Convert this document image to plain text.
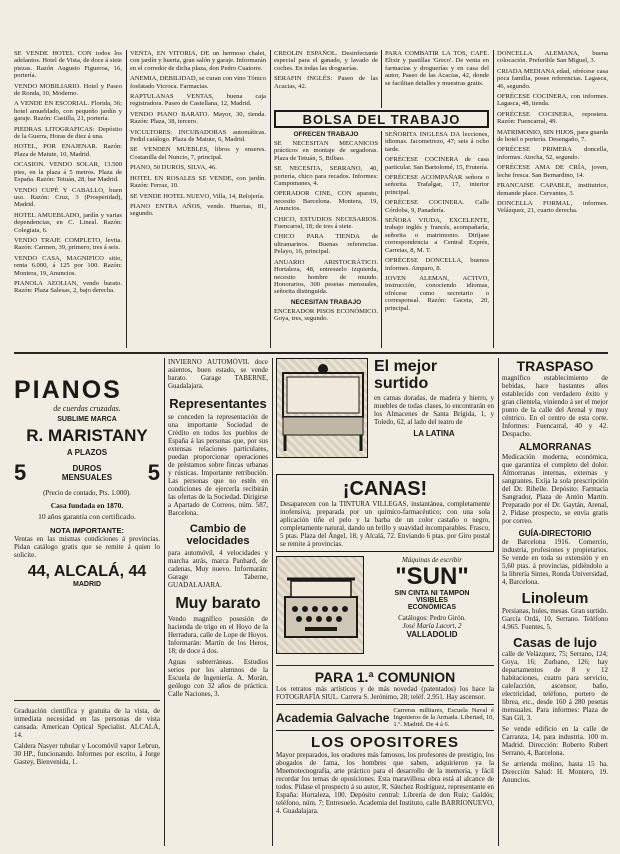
SE VENDE HOTEL CON todos los adelantos. Hotel de Vista, de doce á siete piezas. Razón Augusto Figueroa, 16, portería.
VENDO MOBILIARIO. Hotel y Paseo de Ronda, 10, Moderno.
A VENDE EN ESCORIAL. Florida, 36; hotel amueblado, con pequeño jardín y garaje. Razón: Castilla, 21, portería.
PIEDRAS LITOGRAFICAS: Depósito de la Guerra, Horas de diez á una.
HOTEL, POR ENAJENAR. Razón: Plaza de Matute, 10, Madrid.
OCASION. VENDO SOLAR, 13.500 pies, en la plaza á 5 metros. Plaza de España. Razón: Tetuán, 28, bar Madrid.
VENDO CUPÉ Y CABALLO, buen uso. Razón: Cruz, 3 (Prosperidad), Madrid.
HOTEL AMUEBLADO, jardín y varias dependencias, en C. Lineal. Razón: Colegiata, 6.
VENDO TRAJE COMPLETO, levita. Razón: Carmen, 39, primero; tres á seis.
VENDO CASA, MAGNIFICO sitio, renta 6.000, á 125 por 100. Razón: Montera, 19, Anuncios.
PIANOLA AEOLIAN, vendo barato. Razón: Plaza Salesas, 2, bajo derecha.
VENTA, EN VITORIA, DE un hermoso chalet, con jardín y huerta, gran salón y garaje. Informarán en el corredor de dicha plaza, don Pedro Cuatorre.
ANEMIA, DEBILIDAD, se curan con vino Tónico fosfatado Vicroca. Farmacias.
RAPTULANAS VENTAS, buena caja registradora. Paseo de Castellana, 12, Madrid.
VENDO PIANO BARATO. Mayor, 30, tienda. Razón: Plaza, 38, tercero.
VICULTORES: INCUBADORAS automáticas. Pedid catálogo. Plaza de Matute, 6, Madrid.
SE VENDEN MUEBLES, libros y enseres. Costanilla del Nuncio, 7, principal.
PIANO, 50 DUROS, SILVA, 46.
HOTEL EN ROSALES SE VENDE, con jardín. Razón: Ferraz, 10.
SE VENDE HOTEL NUEVO, Villa, 14, Relojería.
PIANO ENTRA AÑOS, vendo. Huertas, 81, segundo.
CREOLIN ESPAÑOL. Desinfectante especial para el ganado, y lavado de coches. En todas las droguerías.
SERAFIN INGLÉS: Paseo de las Acacias, 42.
PARA COMBATIR LA TOS, CAFÉ. Elixir y pastillas 'Greco'. De venta en farmacias y droguerías y en casa del autor, Paseo de las Acacias, 42, donde se facilitan detalles y muestras gratis.
BOLSA DEL TRABAJO
OFRECEN TRABAJO
SE NECESITAN MECANICOS prácticos en montaje de segadoras. Plaza de Tetuán, 5, Bilbao.
SE NECESITA, SERRANO, 40, portería, chico para recados. Informes: Campomanes, 4.
OPERADOR CINE, CON aparato, necesito Barcelona. Montera, 19, Anuncios.
CHICO, ESTUDIOS NECESARIOS. Fuencarral, 18; de tres á siete.
CHICO PARA TIENDA de ultramarinos. Buenas referencias. Pelayo, 16, principal.
ANUARIO ARISTOCRÁTICO. Hortaleza, 48, entresuelo izquierda, necesito hombre de mundo. Honorarios, 300 pesetas mensuales, señorita distinguida.
NECESITAN TRABAJO
ENCERADOR PISOS ECONÓMICO. Goya, tres, segundo.
SEÑORITA INGLESA DA lecciones, idiomas. Jacometrezo, 47; seis á ocho tarde.
OFRÉCESE COCINERA de casa particular. San Bartolomé, 15, Frutería.
OFRÉCESE ACOMPAÑAR señora o señorita. Trafalgar, 17, interior principal.
OFRÉCESE COCINERA. Calle Córdoba, 9, Panadería.
SEÑORA VIUDA, EXCELENTE, trabajo inglés y francés, acompañaría, señorita o matrimonio. Diríjase correspondencia a Central Exprés, Carretas, 8, M. T.
OFRÉCESE DONCELLA, buenos informes. Amparo, 8.
JOVEN ALEMAN, ACTIVO, instrucción, conociendo idiomas, ofrécese como secretario o corresponsal. Razón: Gaceta, 20, principal.
DONCELLA ALEMANA, buena colocación. Preferible San Miguel, 3.
CRIADA MEDIANA edad, ofrécese casa poca familia, posee referencias. Lagasca, 46, segundo.
OFRÉCESE COCINERA, con informes. Lagasca, 48, tienda.
OFRÉCESE COCINERA, repostera. Razón: Fuencarral, 49.
MATRIMONIO, SIN HIJOS, para guarda de hotel o portería. Desengaño, 7.
OFRÉCESE PRIMERA doncella, informes. Atocha, 52, segundo.
OFRÉCESE AMA DE CRÍA, joven, leche fresca. San Bernardino, 14.
FRANCAISE CAPABLE, institutrice, demande place. Cervantes, 3.
DONCELLA FORMAL, informes. Velázquez, 21, cuarto derecha.
PIANOS
de cuerdas cruzadas.
SUBLIME MARCA
R. MARISTANY
A PLAZOS
5	DUROS
MENSUALES 5
(Precio de contado, Pts. 1.000).
Casa fundada en 1870.
10 años garantía con certificado.
NOTA IMPORTANTE:
Ventas en las mismas condiciones á provincias. Pidan catálogo gratis que se remite á quien lo solicite.
44, ALCALÁ, 44
MADRID
Graduación científica y gratuita de la vista, de inmediata necesidad en las personas de vista cansada. American Optical Specialist. ALCALÁ, 14.
Caldera Nasyer tubular y Locomóvil vapor Lebrun, 30 HP., funcionando. Informes por escrito, á Jorge Gastey, Bienvenida, 1.
INVIERNO AUTOMÓVIL doce asientos, buen estado, se vende barato. Garage TABERNE, Guadalajara.
Representantes
se conceden la representación de una importante Sociedad de Crédito en todos los pueblos de España á las personas que, por sus extensas relaciones particulares, puedan proporcionar operaciones de préstamos sobre fincas urbanas y rústicas. Importante retribución. Las personas que no estén en condiciones de ejercerla recibirán las ofertas de la Sociedad. Dirigirse a Apartado de Correos, núm. 587, Barcelona.
Cambio de velocidades
para automóvil, 4 velocidades y marcha atrás, marca Panhard, de cadenas, Muy nuevo. Informarán: Garage Taberne, GUADALAJARA.
Muy barato
Vendo magnífico posesión de hacienda de trigo en el Hoyo de la Herradura, calle de Lope de Hoyos. Informarán: Martín de los Heros, 18; de doce á dos.
Aguas subterráneas. Estudios serios por los alumnos de la Escuela de Ingeniería. A. Morán, geólogo con 32 años de práctica. Calle Naciones, 3.
El mejor surtido
en camas doradas, de madera y hierro, y muebles de todas clases, lo encontrarán en los Almacenes de Santa Brígida, 1, y Toledo, 62, al lado del teatro de
LA LATINA
¡CANAS!
Desaparecen con la TINTURA VILLEGAS, instantánea, completamente inofensiva, preparada por un químico-farmacéutico; con una sola aplicación tiñe el pelo y la barba de un color castaño o negro, completamente natural, dando un brillo y suavidad incomparables. Frasco, 5 ptas. Plaza del Ángel, 18, y Alcalá, 72. Enviando 6 ptas. por Giro postal se remite á provincias.
Máquinas de escribir
"SUN"
SIN CINTA NI TAMPON
VISIBLES
ECONÓMICAS
Catálogos: Pedro Girón.
José María Lacort, 2
VALLADOLID
PARA 1.ª COMUNION
Los retratos más artísticos y de más novedad (patentados) los hace la FOTOGRAFÍA SIUL. Carrera S. Jerónimo, 28; teléf. 2.951. Hay ascensor.
Academia Galvache Carreras militares, Escuela Naval é Ingenieros de la Armada. Libertad, 10, 1.º. Madrid. De 4 á 6.
LOS OPOSITORES
Mayor preparados, los oradores más famosos, los profesores de prestigio, los abogados de fama, los hombres que saben, adquirieron ya la Mnemotecnografía, arte práctico para el desarrollo de la memoria, y fácil recordar los temas de oposiciones. Esta maravillosa obra está al alcance de todos. Pídase el prospecto á su autor, R. Sánchez Rodríguez, representante en España: Hortaleza, 100. Depósito central: Librería de don Ruiz; Galdós; teléfono, núm. 7; Entresuelo. Academia del Instituto, calle BARRIONUEVO, 4. Guadalajara.
TRASPASO
magnífico establecimiento de bebidas, hace bastantes años establecido con verdadero éxito y gran clientela, viniendo á ser el mejor punto de la calle del Arenal y muy céntrico. En el centro de esta corte. Informes: Fuencarral, 40 y 42. Despacho.
ALMORRANAS
Medicación moderna, económica, que garantiza el completo del dolor. Almorranas internas, externas y sangrantes. Exija la sola prescripción del Dr. Ribelle. Depósito: Farmacia Sangrador, Plaza de Antón Martín. Preparado por el Dr. Gaytán, Arenal, 2. Pídase prospecto, se envía gratis por correo.
GUÍA-DIRECTORIO
de Barcelona 1916. Comercio, industria, profesiones y propietarios. Se vende en toda su extensión y en 5,60 ptas. á provincias, pidiéndolo a la librería Sintes, Ronda Universidad, 4, Barcelona.
Linoleum
Persianas, hules, mesas. Gran surtido. García Ordá, 10, Serrano. Teléfono 4.965. Fuentes, 5.
Casas de lujo
calle de Velázquez, 75; Serrano, 124; Goya, 16; Zurbano, 126; hay departamentos de 8 y 12 habitaciones, cuatro para servicio, calefacción, ascensor, baño, electricidad, teléfono, portero de librea, etc., desde 160 á 280 pesetas mensuales. Para informes: Plaza de San Gil, 3.
Se vende edificio en la calle de Carranza, 14, para industria. 100 m. Madrid. Dirección: Roberto Rubert Serrano, 4, Barcelona.
Se arrienda molino, hasta 15 ha. Dirección Salud: H. Montero, 19. Anuncios.
